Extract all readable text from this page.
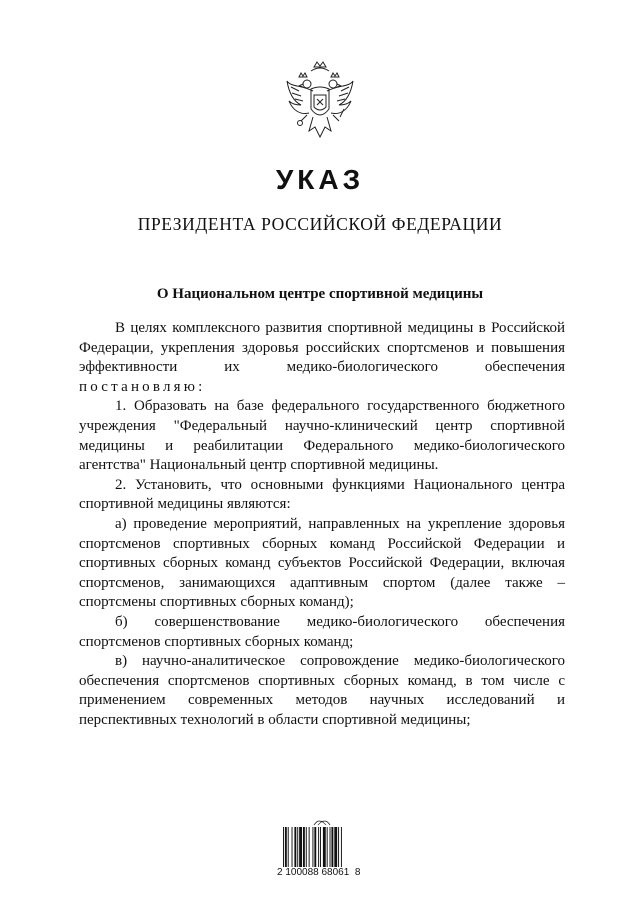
УКАЗ
ПРЕЗИДЕНТА РОССИЙСКОЙ ФЕДЕРАЦИИ
О Национальном центре спортивной медицины

В целях комплексного развития спортивной медицины в Российской Федерации, укрепления здоровья российских спортсменов и повышения эффективности их медико-биологического обеспечения постановляю:

1. Образовать на базе федерального государственного бюджетного учреждения "Федеральный научно-клинический центр спортивной медицины и реабилитации Федерального медико-биологического агентства" Национальный центр спортивной медицины.

2. Установить, что основными функциями Национального центра спортивной медицины являются:

а) проведение мероприятий, направленных на укрепление здоровья спортсменов спортивных сборных команд Российской Федерации и спортивных сборных команд субъектов Российской Федерации, включая спортсменов, занимающихся адаптивным спортом (далее также – спортсмены спортивных сборных команд);

б) совершенствование медико-биологического обеспечения спортсменов спортивных сборных команд;

в) научно-аналитическое сопровождение медико-биологического обеспечения спортсменов спортивных сборных команд, в том числе с применением современных методов научных исследований и перспективных технологий в области спортивной медицины;

2 100088 68061  8
